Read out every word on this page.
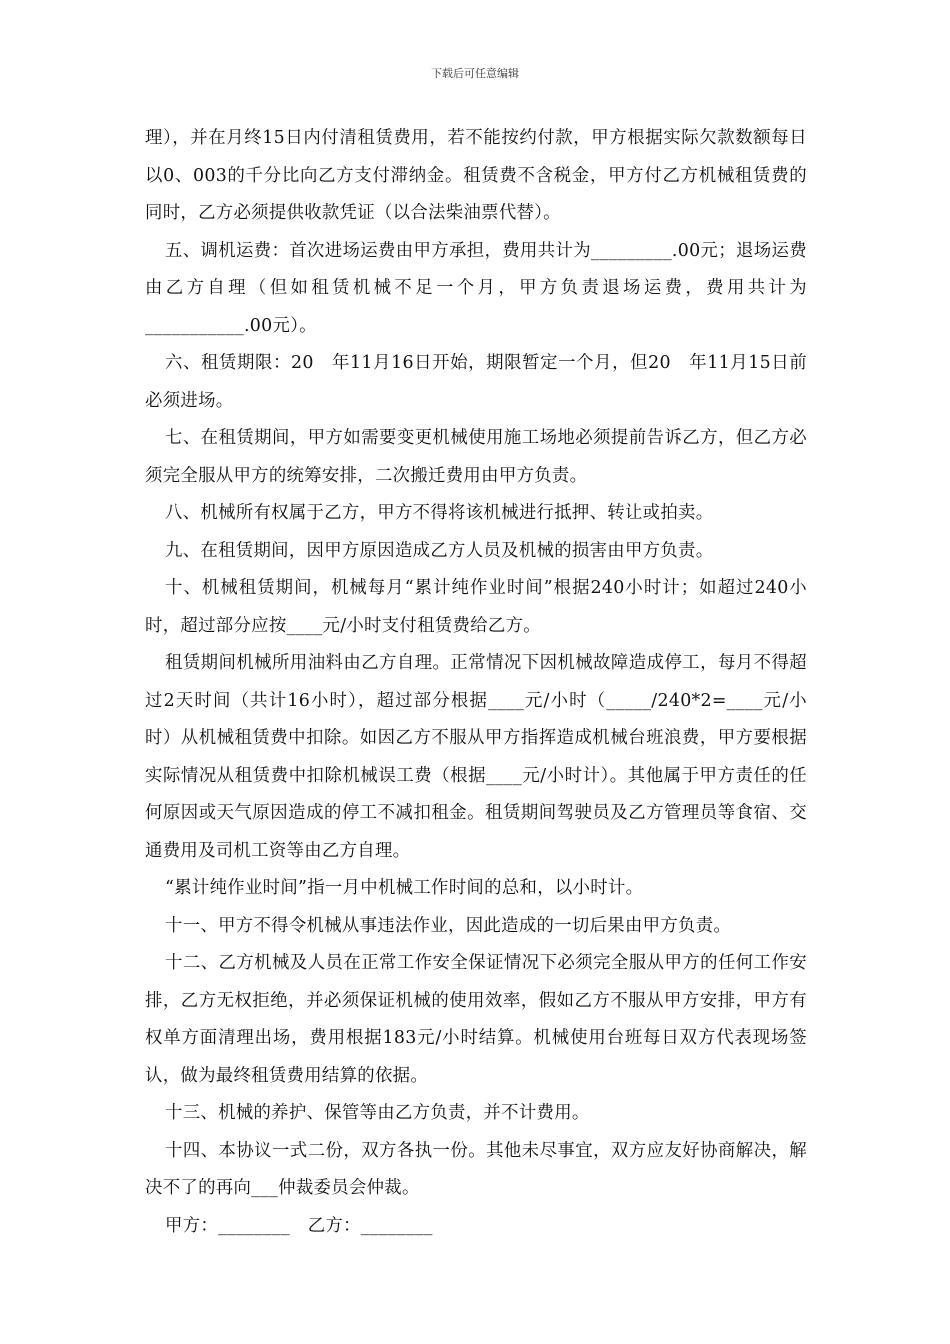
下载后可任意编辑

理），并在月终15日内付清租赁费用，若不能按约付款，甲方根据实际欠款数额每日以0、003的千分比向乙方支付滞纳金。租赁费不含税金，甲方付乙方机械租赁费的同时，乙方必须提供收款凭证（以合法柴油票代替）。

五、调机运费：首次进场运费由甲方承担，费用共计为_________.00元；退场运费由乙方自理（但如租赁机械不足一个月，甲方负责退场运费，费用共计为___________.00元）。

六、租赁期限：20　年11月16日开始，期限暂定一个月，但20　年11月15日前必须进场。

七、在租赁期间，甲方如需要变更机械使用施工场地必须提前告诉乙方，但乙方必须完全服从甲方的统筹安排，二次搬迁费用由甲方负责。

八、机械所有权属于乙方，甲方不得将该机械进行抵押、转让或拍卖。

九、在租赁期间，因甲方原因造成乙方人员及机械的损害由甲方负责。

十、机械租赁期间，机械每月“累计纯作业时间”根据240小时计；如超过240小时，超过部分应按____元/小时支付租赁费给乙方。

租赁期间机械所用油料由乙方自理。正常情况下因机械故障造成停工，每月不得超过2天时间（共计16小时），超过部分根据____元/小时（_____/240*2=____元/小时）从机械租赁费中扣除。如因乙方不服从甲方指挥造成机械台班浪费，甲方要根据实际情况从租赁费中扣除机械误工费（根据____元/小时计）。其他属于甲方责任的任何原因或天气原因造成的停工不减扣租金。租赁期间驾驶员及乙方管理员等食宿、交通费用及司机工资等由乙方自理。

“累计纯作业时间”指一月中机械工作时间的总和，以小时计。

十一、甲方不得令机械从事违法作业，因此造成的一切后果由甲方负责。

十二、乙方机械及人员在正常工作安全保证情况下必须完全服从甲方的任何工作安排，乙方无权拒绝，并必须保证机械的使用效率，假如乙方不服从甲方安排，甲方有权单方面清理出场，费用根据183元/小时结算。机械使用台班每日双方代表现场签认，做为最终租赁费用结算的依据。

十三、机械的养护、保管等由乙方负责，并不计费用。

十四、本协议一式二份，双方各执一份。其他未尽事宜，双方应友好协商解决，解决不了的再向___仲裁委员会仲裁。

甲方：________　乙方：________
